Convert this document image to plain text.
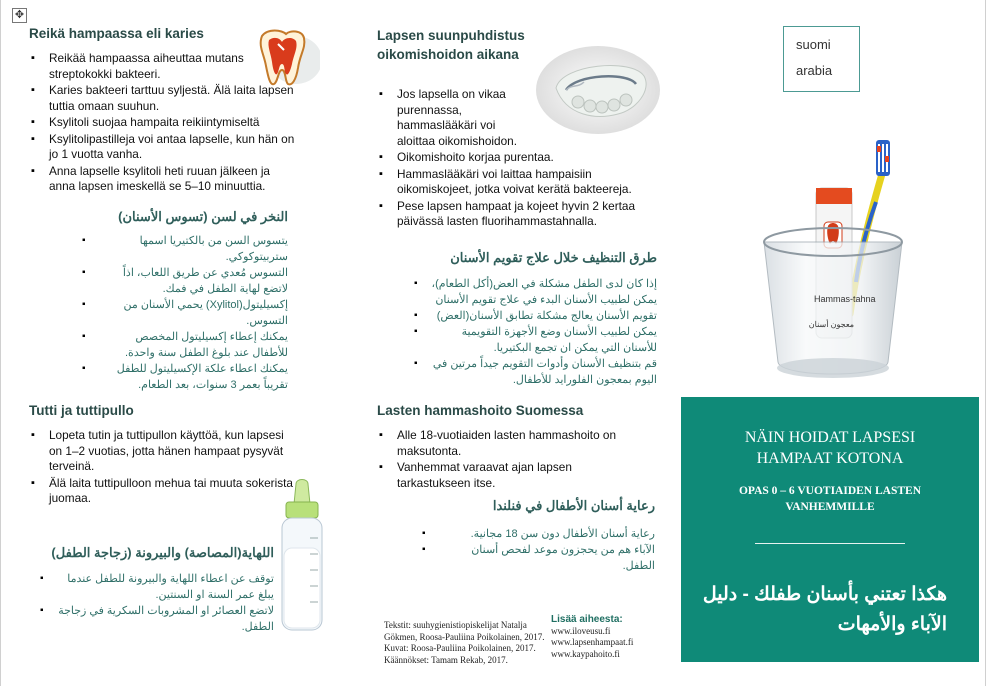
✥
Reikä hampaassa eli karies
▪ Reikää hampaassa aiheuttaa mutans streptokokki bakteeri.
▪ Karies bakteeri tarttuu syljestä. Älä laita lapsen tuttia omaan suuhun.
▪ Ksylitoli suojaa hampaita reikiintymiseltä
▪ Ksylitolipastilleja voi antaa lapselle, kun hän on jo 1 vuotta vanha.
▪ Anna lapselle ksylitoli heti ruuan jälkeen ja anna lapsen imeskellä se 5–10 minuuttia.
النخر في لسن (تسوس الأسنان)
▪ يتسوس السن من بالكتيريا اسمها ستربيتوكوكي.
▪ التسوس مُعدي عن طريق اللعاب، اذاً لاتضع لهاية الطفل في فمك.
▪ إكسيليتول(Xylitol) يحمي الأسنان من التسوس.
▪ يمكنك إعطاء إكسيليتول المخصص للأطفال عند بلوغ الطفل سنة واحدة.
▪ يمكنك اعطاء علكة الإكسيليتول للطفل تقريباً بعمر 3 سنوات، بعد الطعام.
Tutti ja tuttipullo
▪ Lopeta tutin ja tuttipullon käyttöä, kun lapsesi on 1–2 vuotias, jotta hänen hampaat pysyvät terveinä.
▪ Älä laita tuttipulloon mehua tai muuta sokerista juomaa.
اللهاية(المصاصة) والبيرونة (زجاجة الطفل)
▪ توقف عن اعطاء اللهاية والبيرونة للطفل عندما يبلغ عمر السنة او السنتين.
▪ لاتضع العصائر او المشروبات السكرية في زجاجة الطفل.
Lapsen suunpuhdistus oikomishoidon aikana
▪ Jos lapsella on vikaa purennassa, hammaslääkäri voi aloittaa oikomishoidon.
▪ Oikomishoito korjaa purentaa.
▪ Hammaslääkäri voi laittaa hampaisiin oikomiskojeet, jotka voivat kerätä bakteereja.
▪ Pese lapsen hampaat ja kojeet hyvin 2 kertaa päivässä lasten fluorihammastahnalla.
طرق التنظيف خلال علاج تقويم الأسنان
▪ إذا كان لدى الطفل مشكلة في العض(أكل الطعام)، يمكن لطبيب الأسنان البدء في علاج تقويم الأسنان
▪ تقويم الأسنان يعالج مشكلة تطابق الأسنان(العض)
▪ يمكن لطبيب الأسنان وضع الأجهزة التقويمية للأسنان التي يمكن ان تجمع البكتيريا.
▪ قم بتنظيف الأسنان وأدوات التقويم جيداً مرتين في اليوم بمعجون الفلوراید للأطفال.
Lasten hammashoito Suomessa
▪ Alle 18-vuotiaiden lasten hammashoito on maksutonta.
▪ Vanhemmat varaavat ajan lapsen tarkastukseen itse.
رعاية أسنان الأطفال في فنلندا
▪ رعاية أسنان الأطفال دون سن 18 مجانية.
▪ الآباء هم من يحجزون موعد لفحص أسنان الطفل.
Tekstit: suuhygienistiopiskelijat Natalja
Gökmen, Roosa-Pauliina Poikolainen, 2017.
Kuvat: Roosa-Pauliina Poikolainen, 2017.
Käännökset: Tamam Rekab, 2017.
Lisää aiheesta:
www.iloveusu.fi
www.lapsenhampaat.fi
www.kaypahoito.fi
suomi
arabia
Hammas-tahna
معجون أسنان
NÄIN HOIDAT LAPSESI
HAMPAAT KOTONA
OPAS 0 – 6 VUOTIAIDEN LASTEN
VANHEMMILLE
هكذا تعتني بأسنان طفلك - دليل
الآباء والأمهات
